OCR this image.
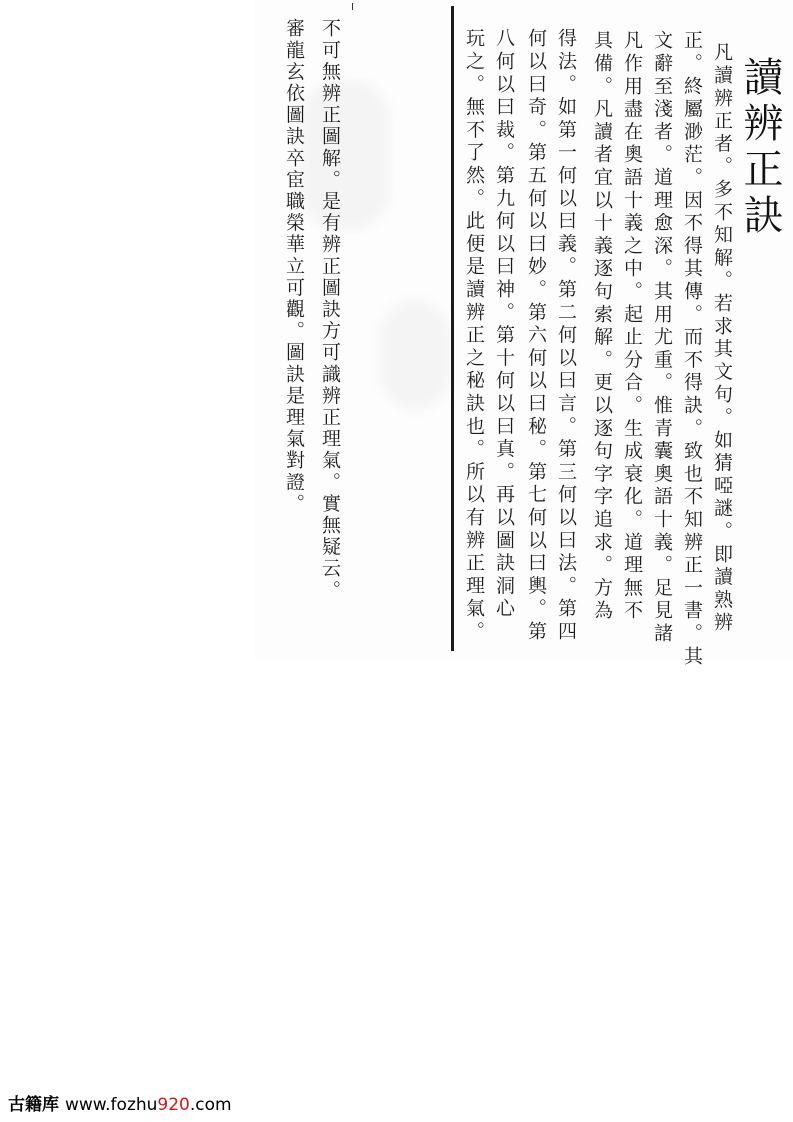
讀辨正訣
凡讀辨正者。多不知解。若求其文句。如猜啞謎。即讀熟辨
正。終屬渺茫。因不得其傳。而不得訣。致也不知辨正一書。其
文辭至淺者。道理愈深。其用尤重。惟青囊奧語十義。足見諸
凡作用盡在奧語十義之中。起止分合。生成衰化。道理無不
具備。凡讀者宜以十義逐句索解。更以逐句字字追求。方為
得法。如第一何以曰義。第二何以曰言。第三何以曰法。第四
何以曰奇。第五何以曰妙。第六何以曰秘。第七何以曰輿。第
八何以曰裁。第九何以曰神。第十何以曰真。再以圖訣洞心
玩之。無不了然。此便是讀辨正之秘訣也。所以有辨正理氣。
不可無辨正圖解。是有辨正圖訣方可識辨正理氣。實無疑云。
審龍玄依圖訣卒宦職榮華立可觀。圖訣是理氣對證。
古籍库 www.fozhu920.com
